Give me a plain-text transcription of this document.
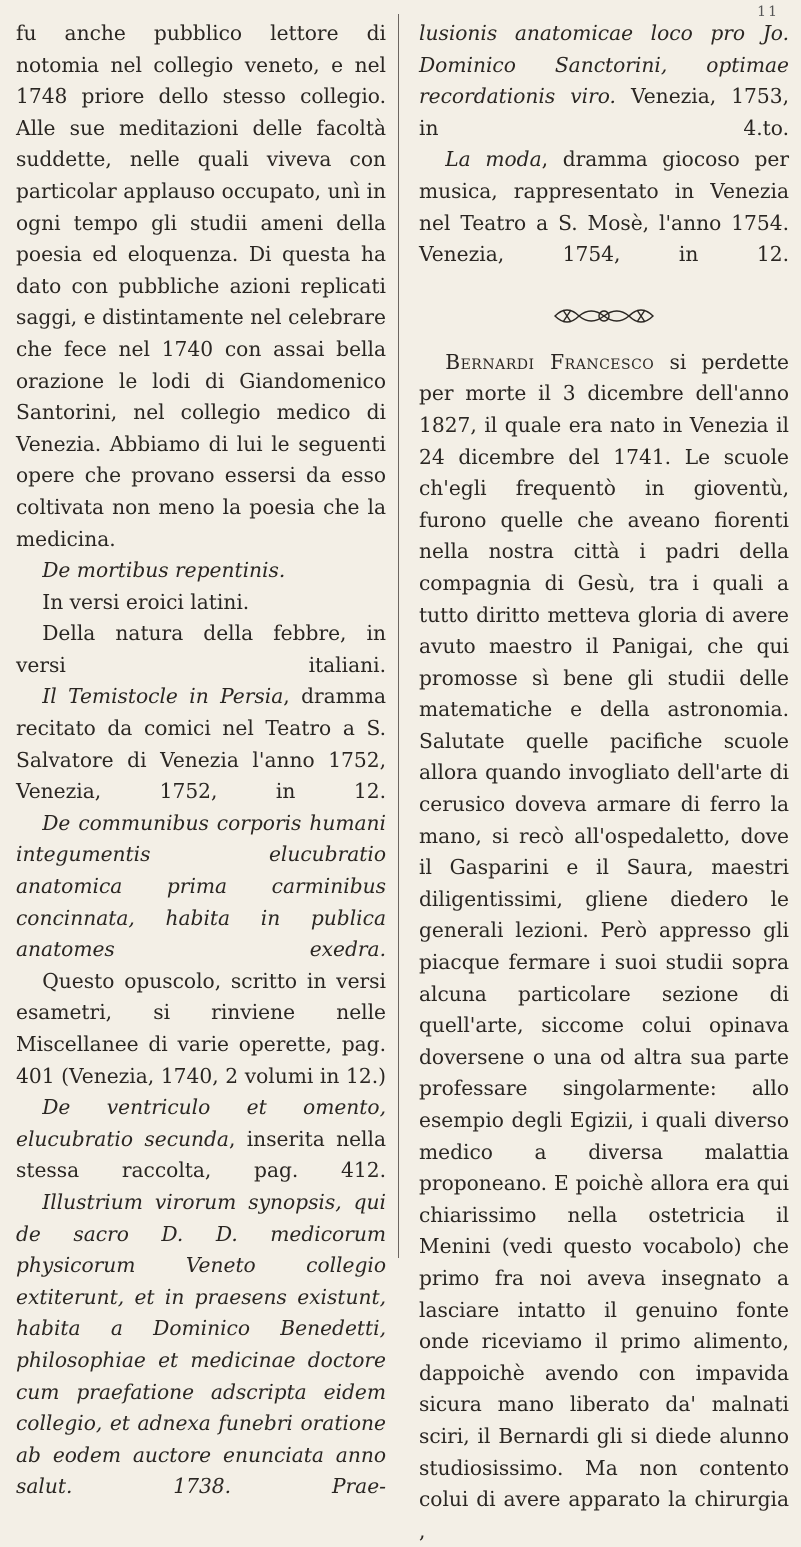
11

fu anche pubblico lettore di notomia nel collegio veneto, e nel 1748 priore dello stesso collegio. Alle sue meditazioni delle facoltà suddette, nelle quali viveva con particolar applauso occupato, unì in ogni tempo gli studii ameni della poesia ed eloquenza. Di questa ha dato con pubbliche azioni replicati saggi, e distintamente nel celebrare che fece nel 1740 con assai bella orazione le lodi di Giandomenico Santorini, nel collegio medico di Venezia. Abbiamo di lui le seguenti opere che provano essersi da esso coltivata non meno la poesia che la medicina.

De mortibus repentinis.

In versi eroici latini.

Della natura della febbre, in versi italiani.

Il Temistocle in Persia, dramma recitato da comici nel Teatro a S. Salvatore di Venezia l'anno 1752, Venezia, 1752, in 12.

De communibus corporis humani integumentis elucubratio anatomica prima carminibus concinnata, habita in publica anatomes exedra.

Questo opuscolo, scritto in versi esametri, si rinviene nelle Miscellanee di varie operette, pag. 401 (Venezia, 1740, 2 volumi in 12.)

De ventriculo et omento, elucubratio secunda, inserita nella stessa raccolta, pag. 412.

Illustrium virorum synopsis, qui de sacro D. D. medicorum physicorum Veneto collegio extiterunt, et in praesens existunt, habita a Dominico Benedetti, philosophiae et medicinae doctore cum praefatione adscripta eidem collegio, et adnexa funebri oratione ab eodem auctore enunciata anno salut. 1738.	Prae-

lusionis anatomicae loco pro Jo. Dominico Sanctorini, optimae recordationis viro. Venezia, 1753, in 4.to.

La moda, dramma giocoso per musica, rappresentato in Venezia nel Teatro a S. Mosè, l'anno 1754. Venezia, 1754, in 12.

Bernardi Francesco si perdette per morte il 3 dicembre dell'anno 1827, il quale era nato in Venezia il 24 dicembre del 1741. Le scuole ch'egli frequentò in gioventù, furono quelle che aveano fiorenti nella nostra città i padri della compagnia di Gesù, tra i quali a tutto diritto metteva gloria di avere avuto maestro il Panigai, che qui promosse sì bene gli studii delle matematiche e della astronomia. Salutate quelle pacifiche scuole allora quando invogliato dell'arte di cerusico doveva armare di ferro la mano, si recò all'ospedaletto, dove il Gasparini e il Saura, maestri diligentissimi, gliene diedero le generali lezioni. Però appresso gli piacque fermare i suoi studii sopra alcuna particolare sezione di quell'arte, siccome colui opinava doversene o una od altra sua parte professare singolarmente: allo esempio degli Egizii, i quali diverso medico a diversa malattia proponeano. E poichè allora era qui chiarissimo nella ostetricia il Menini (vedi questo vocabolo) che primo fra noi aveva insegnato a lasciare intatto il genuino fonte onde riceviamo il primo alimento, dappoichè avendo con impavida sicura mano liberato da' malnati sciri, il Bernardi gli si diede alunno studiosissimo. Ma non contento colui di avere apparato la chirurgia ,
